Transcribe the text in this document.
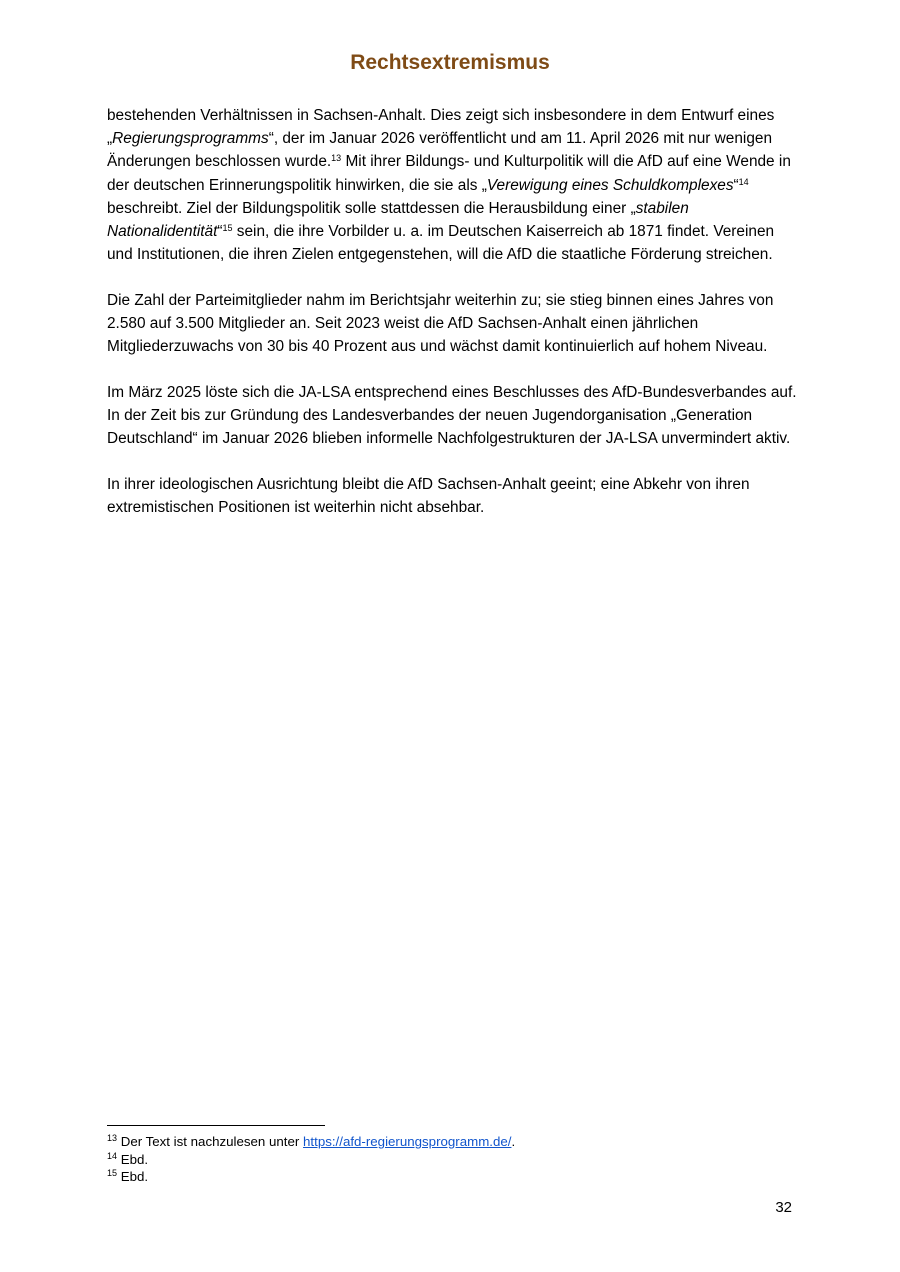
Rechtsextremismus

bestehenden Verhältnissen in Sachsen-Anhalt. Dies zeigt sich insbesondere in dem Entwurf eines „Regierungsprogramms“, der im Januar 2026 veröffentlicht und am 11. April 2026 mit nur wenigen Änderungen beschlossen wurde.$^{13}$ Mit ihrer Bildungs- und Kulturpolitik will die AfD auf eine Wende in der deutschen Erinnerungspolitik hinwirken, die sie als „Verewigung eines Schuldkomplexes“$^{14}$ beschreibt. Ziel der Bildungspolitik solle stattdessen die Herausbildung einer „stabilen Nationalidentität“$^{15}$ sein, die ihre Vorbilder u. a. im Deutschen Kaiserreich ab 1871 findet. Vereinen und Institutionen, die ihren Zielen entgegenstehen, will die AfD die staatliche Förderung streichen.

Die Zahl der Parteimitglieder nahm im Berichtsjahr weiterhin zu; sie stieg binnen eines Jahres von 2.580 auf 3.500 Mitglieder an. Seit 2023 weist die AfD Sachsen-Anhalt einen jährlichen Mitgliederzuwachs von 30 bis 40 Prozent aus und wächst damit kontinuierlich auf hohem Niveau.

Im März 2025 löste sich die JA-LSA entsprechend eines Beschlusses des AfD-Bundesverbandes auf. In der Zeit bis zur Gründung des Landesverbandes der neuen Jugendorganisation „Generation Deutschland“ im Januar 2026 blieben informelle Nachfolgestrukturen der JA-LSA unvermindert aktiv.

In ihrer ideologischen Ausrichtung bleibt die AfD Sachsen-Anhalt geeint; eine Abkehr von ihren extremistischen Positionen ist weiterhin nicht absehbar.

$^{13}$ Der Text ist nachzulesen unter https://afd-regierungsprogramm.de/.
$^{14}$ Ebd.
$^{15}$ Ebd.
32
